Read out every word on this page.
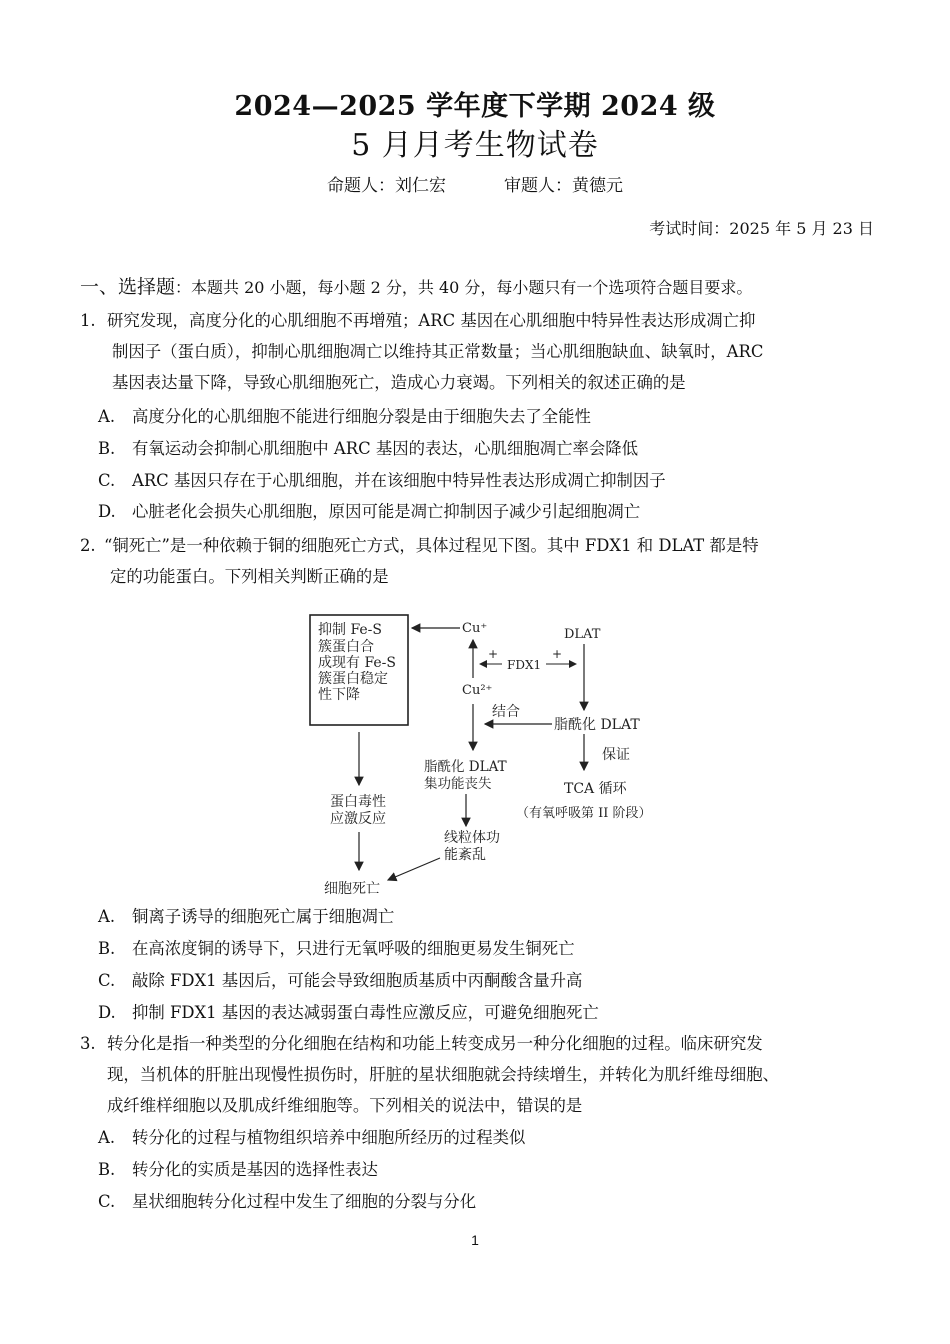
2024—2025 学年度下学期 2024 级
5 月月考生物试卷
命题人：刘仁宏	审题人：黄德元
考试时间：2025 年 5 月 23 日
一、选择题：本题共 20 小题，每小题 2 分，共 40 分，每小题只有一个选项符合题目要求。
1. 研究发现，高度分化的心肌细胞不再增殖；ARC 基因在心肌细胞中特异性表达形成凋亡抑
制因子（蛋白质），抑制心肌细胞凋亡以维持其正常数量；当心肌细胞缺血、缺氧时，ARC
基因表达量下降，导致心肌细胞死亡，造成心力衰竭。下列相关的叙述正确的是
A. 高度分化的心肌细胞不能进行细胞分裂是由于细胞失去了全能性
B. 有氧运动会抑制心肌细胞中 ARC 基因的表达，心肌细胞凋亡率会降低
C. ARC 基因只存在于心肌细胞，并在该细胞中特异性表达形成凋亡抑制因子
D. 心脏老化会损失心肌细胞，原因可能是凋亡抑制因子减少引起细胞凋亡
2. “铜死亡”是一种依赖于铜的细胞死亡方式，具体过程见下图。其中 FDX1 和 DLAT 都是特
定的功能蛋白。下列相关判断正确的是
抑制 Fe-S
簇蛋白合
成现有 Fe-S
簇蛋白稳定
性下降
Cu⁺
Cu²⁺
+
FDX1
+
DLAT
脂酰化 DLAT
结合
保证
TCA 循环
（有氧呼吸第 II 阶段）
脂酰化 DLAT
集功能丧失
蛋白毒性
应激反应
线粒体功
能紊乱
细胞死亡
A. 铜离子诱导的细胞死亡属于细胞凋亡
B. 在高浓度铜的诱导下，只进行无氧呼吸的细胞更易发生铜死亡
C. 敲除 FDX1 基因后，可能会导致细胞质基质中丙酮酸含量升高
D. 抑制 FDX1 基因的表达减弱蛋白毒性应激反应，可避免细胞死亡
3. 转分化是指一种类型的分化细胞在结构和功能上转变成另一种分化细胞的过程。临床研究发
现，当机体的肝脏出现慢性损伤时，肝脏的星状细胞就会持续增生，并转化为肌纤维母细胞、
成纤维样细胞以及肌成纤维细胞等。下列相关的说法中，错误的是
A. 转分化的过程与植物组织培养中细胞所经历的过程类似
B. 转分化的实质是基因的选择性表达
C. 星状细胞转分化过程中发生了细胞的分裂与分化
1
